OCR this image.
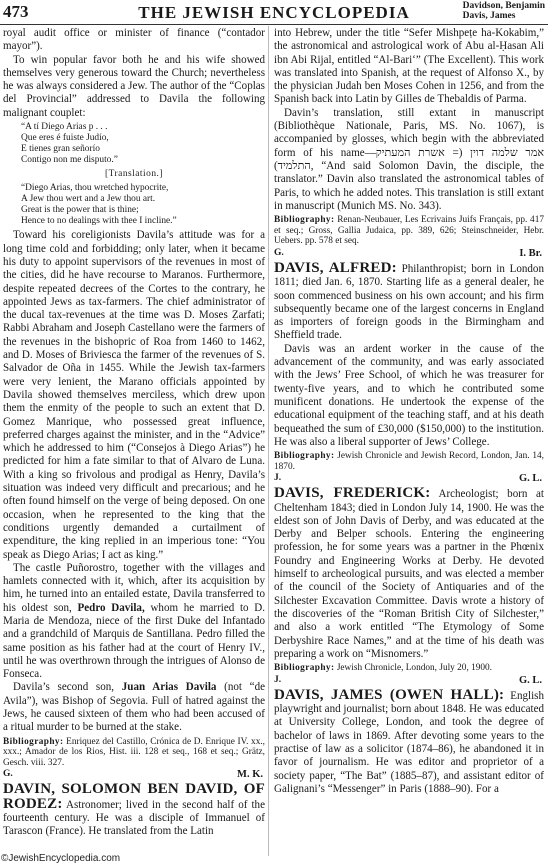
473	THE JEWISH ENCYCLOPEDIA	Davidson, Benjamin
Davis, James

royal audit office or minister of finance (“contador mayor”).

To win popular favor both he and his wife showed themselves very generous toward the Church; nevertheless he was always considered a Jew. The author of the “Coplas del Provincial” addressed to Davila the following malignant couplet:

“A tí Diego Arias p . . .
Que eres é fuiste Judío,
E tienes gran señorío
Contigo non me disputo.”
[Translation.]
“Diego Arias, thou wretched hypocrite,
A Jew thou wert and a Jew thou art.
Great is the power that is thine;
Hence to no dealings with thee I incline.”

Toward his coreligionists Davila’s attitude was for a long time cold and forbidding; only later, when it became his duty to appoint supervisors of the revenues in most of the cities, did he have recourse to Maranos. Furthermore, despite repeated decrees of the Cortes to the contrary, he appointed Jews as tax-farmers. The chief administrator of the ducal tax-revenues at the time was D. Moses Ẓarfati; Rabbi Abraham and Joseph Castellano were the farmers of the revenues in the bishopric of Roa from 1460 to 1462, and D. Moses of Briviesca the farmer of the revenues of S. Salvador de Oña in 1455. While the Jewish tax-farmers were very lenient, the Marano officials appointed by Davila showed themselves merciless, which drew upon them the enmity of the people to such an extent that D. Gomez Manrique, who possessed great influence, preferred charges against the minister, and in the “Advice” which he addressed to him (“Consejos à Diego Arias”) he predicted for him a fate similar to that of Alvaro de Luna. With a king so frivolous and prodigal as Henry, Davila’s situation was indeed very difficult and precarious; and he often found himself on the verge of being deposed. On one occasion, when he represented to the king that the conditions urgently demanded a curtailment of expenditure, the king replied in an imperious tone: “You speak as Diego Arias; I act as king.”

The castle Puñorostro, together with the villages and hamlets connected with it, which, after its acquisition by him, he turned into an entailed estate, Davila transferred to his oldest son, Pedro Davila, whom he married to D. Maria de Mendoza, niece of the first Duke del Infantado and a grandchild of Marquis de Santillana. Pedro filled the same position as his father had at the court of Henry IV., until he was overthrown through the intrigues of Alonso de Fonseca.

Davila’s second son, Juan Arias Davila (not “de Avila”), was Bishop of Segovia. Full of hatred against the Jews, he caused sixteen of them who had been accused of a ritual murder to be burned at the stake.

Bibliography: Enriquez del Castillo, Crónica de D. Enrique IV. xx., xxx.; Amador de los Rios, Hist. iii. 128 et seq., 168 et seq.; Grätz, Gesch. viii. 327.

G.	M. K.

DAVIN, SOLOMON BEN DAVID, OF RODEZ: Astronomer; lived in the second half of the fourteenth century. He was a disciple of Immanuel of Tarascon (France). He translated from the Latin

into Hebrew, under the title “Sefer Mishpeṭe ha-Kokabim,” the astronomical and astrological work of Abu al-Ḥasan Ali ibn Abi Rijal, entitled “Al-Bari‘” (The Excellent). This work was translated into Spanish, at the request of Alfonso X., by the physician Judah ben Moses Cohen in 1256, and from the Spanish back into Latin by Gilles de Thebaldis of Parma.

Davin’s translation, still extant in manuscript (Bibliothèque Nationale, Paris, MS. No. 1067), is accompanied by glosses, which begin with the abbreviated form of his name—אמר שלמה דוין (= אשרת המעתיק התלמיד), “And said Solomon Davin, the disciple, the translator.” Davin also translated the astronomical tables of Paris, to which he added notes. This translation is still extant in manuscript (Munich MS. No. 343).

Bibliography: Renan-Neubauer, Les Ecrivains Juifs Français, pp. 417 et seq.; Gross, Gallia Judaica, pp. 389, 626; Steinschneider, Hebr. Uebers. pp. 578 et seq.

G.	I. Br.

DAVIS, ALFRED: Philanthropist; born in London 1811; died Jan. 6, 1870. Starting life as a general dealer, he soon commenced business on his own account; and his firm subsequently became one of the largest concerns in England as importers of foreign goods in the Birmingham and Sheffield trade.

Davis was an ardent worker in the cause of the advancement of the community, and was early associated with the Jews’ Free School, of which he was treasurer for twenty-five years, and to which he contributed some munificent donations. He undertook the expense of the educational equipment of the teaching staff, and at his death bequeathed the sum of £30,000 ($150,000) to the institution. He was also a liberal supporter of Jews’ College.

Bibliography: Jewish Chronicle and Jewish Record, London, Jan. 14, 1870.

J.	G. L.

DAVIS, FREDERICK: Archeologist; born at Cheltenham 1843; died in London July 14, 1900. He was the eldest son of John Davis of Derby, and was educated at the Derby and Belper schools. Entering the engineering profession, he for some years was a partner in the Phœnix Foundry and Engineering Works at Derby. He devoted himself to archeological pursuits, and was elected a member of the council of the Society of Antiquaries and of the Silchester Excavation Committee. Davis wrote a history of the discoveries of the “Roman British City of Silchester,” and also a work entitled “The Etymology of Some Derbyshire Race Names,” and at the time of his death was preparing a work on “Misnomers.”

Bibliography: Jewish Chronicle, London, July 20, 1900.

J.	G. L.

DAVIS, JAMES (OWEN HALL): English playwright and journalist; born about 1848. He was educated at University College, London, and took the degree of bachelor of laws in 1869. After devoting some years to the practise of law as a solicitor (1874–86), he abandoned it in favor of journalism. He was editor and proprietor of a society paper, “The Bat” (1885–87), and assistant editor of Galignani’s “Messenger” in Paris (1888–90). For a

©JewishEncyclopedia.com
